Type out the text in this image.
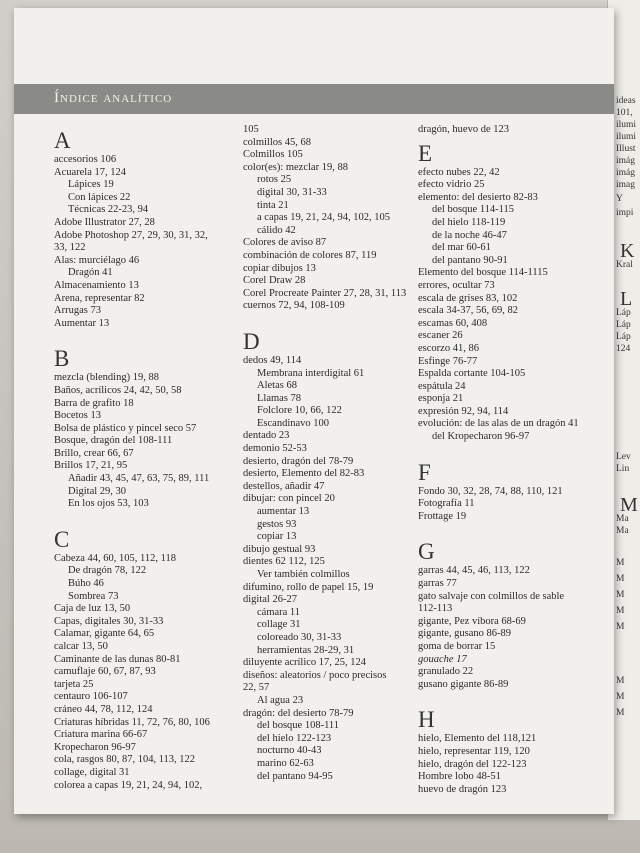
ideas
101,
ilumi
ilumi
Illust
imág
imág
imag
Y
impi
K
Kral
L
Láp
Láp
Láp
124
Lev
Lin
M
Ma
Ma
M
M
M
M
M
M
M
M
Índice analítico
A
accesorios 106
Acuarela 17, 124
Lápices 19
Con lápices 22
Técnicas 22-23, 94
Adobe Illustrator 27, 28
Adobe Photoshop 27, 29, 30, 31, 32,
33, 122
Alas: murciélago 46
Dragón 41
Almacenamiento 13
Arena, representar 82
Arrugas 73
Aumentar 13
B
mezcla (blending) 19, 88
Baños, acrílicos 24, 42, 50, 58
Barra de grafito 18
Bocetos 13
Bolsa de plástico y pincel seco 57
Bosque, dragón del 108-111
Brillo, crear 66, 67
Brillos 17, 21, 95
Añadir 43, 45, 47, 63, 75, 89, 111
Digital 29, 30
En los ojos 53, 103
C
Cabeza 44, 60, 105, 112, 118
De dragón 78, 122
Búho 46
Sombrea 73
Caja de luz 13, 50
Capas, digitales 30, 31-33
Calamar, gigante 64, 65
calcar 13, 50
Caminante de las dunas 80-81
camuflaje 60, 67, 87, 93
tarjeta 25
centauro 106-107
cráneo 44, 78, 112, 124
Criaturas híbridas 11, 72, 76, 80, 106
Criatura marina 66-67
Kropecharon 96-97
cola, rasgos 80, 87, 104, 113, 122
collage, digital 31
colorea a capas 19, 21, 24, 94, 102,
105
colmillos 45, 68
Colmillos 105
color(es): mezclar 19, 88
rotos 25
digital 30, 31-33
tinta 21
a capas 19, 21, 24, 94, 102, 105
cálido 42
Colores de aviso 87
combinación de colores 87, 119
copiar dibujos 13
Corel Draw 28
Corel Procreate Painter 27, 28, 31, 113
cuernos 72, 94, 108-109
D
dedos 49, 114
Membrana interdigital 61
Aletas 68
Llamas 78
Folclore 10, 66, 122
Escandinavo 100
dentado 23
demonio 52-53
desierto, dragón del 78-79
desierto, Elemento del 82-83
destellos, añadir 47
dibujar: con pincel 20
aumentar 13
gestos 93
copiar 13
dibujo gestual 93
dientes 62 112, 125
Ver también colmillos
difumino, rollo de papel 15, 19
digital 26-27
cámara 11
collage 31
coloreado 30, 31-33
herramientas 28-29, 31
diluyente acrílico 17, 25, 124
diseños: aleatorios / poco precisos
22, 57
Al agua 23
dragón: del desierto 78-79
del bosque 108-111
del hielo 122-123
nocturno 40-43
marino 62-63
del pantano 94-95
dragón, huevo de 123
E
efecto nubes 22, 42
efecto vidrio 25
elemento: del desierto 82-83
del bosque 114-115
del hielo 118-119
de la noche 46-47
del mar 60-61
del pantano 90-91
Elemento del bosque 114-1115
errores, ocultar 73
escala de grises 83, 102
escala 34-37, 56, 69, 82
escamas 60, 408
escaner 26
escorzo 41, 86
Esfinge 76-77
Espalda cortante 104-105
espátula 24
esponja 21
expresión 92, 94, 114
evolución: de las alas de un dragón 41
del Kropecharon 96-97
F
Fondo 30, 32, 28, 74, 88, 110, 121
Fotografía 11
Frottage 19
G
garras 44, 45, 46, 113, 122
garras 77
gato salvaje con colmillos de sable
112-113
gigante, Pez víbora 68-69
gigante, gusano 86-89
goma de borrar 15
gouache 17
granulado 22
gusano gigante 86-89
H
hielo, Elemento del 118,121
hielo, representar 119, 120
hielo, dragón del 122-123
Hombre lobo 48-51
huevo de dragón 123
